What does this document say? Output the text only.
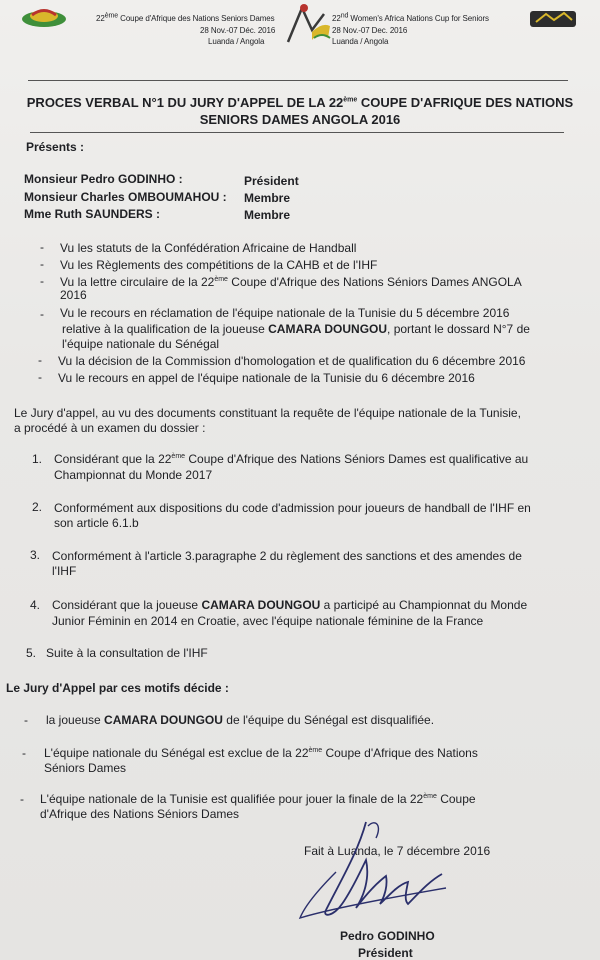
22ème Coupe d'Afrique des Nations Seniors Dames
28 Nov.-07 Déc. 2016
Luanda / Angola
22nd Women's Africa Nations Cup for Seniors
28 Nov.-07 Dec. 2016
Luanda / Angola
PROCES VERBAL N°1 DU JURY D'APPEL DE LA 22ème COUPE D'AFRIQUE DES NATIONS
SENIORS DAMES ANGOLA 2016
Présents :
Monsieur Pedro GODINHO :	Président
Monsieur Charles OMBOUMAHOU : Membre
Mme Ruth SAUNDERS :	Membre
- Vu les statuts de la Confédération Africaine de Handball
- Vu les Règlements des compétitions de la CAHB et de l'IHF
- Vu la lettre circulaire de la 22ème Coupe d'Afrique des Nations Séniors Dames ANGOLA
2016
- Vu le recours en réclamation de l'équipe nationale de la Tunisie du 5 décembre 2016
relative à la qualification de la joueuse CAMARA DOUNGOU, portant le dossard N°7 de
l'équipe nationale du Sénégal
- Vu la décision de la Commission d'homologation et de qualification du 6 décembre 2016
- Vu le recours en appel de l'équipe nationale de la Tunisie du 6 décembre 2016
Le Jury d'appel, au vu des documents constituant la requête de l'équipe nationale de la Tunisie,
a procédé à un examen du dossier :
1. Considérant que la 22ème Coupe d'Afrique des Nations Séniors Dames est qualificative au
Championnat du Monde 2017
2. Conformément aux dispositions du code d'admission pour joueurs de handball de l'IHF en
son article 6.1.b
3. Conformément à l'article 3.paragraphe 2 du règlement des sanctions et des amendes de
l'IHF
4. Considérant que la joueuse CAMARA DOUNGOU a participé au Championnat du Monde
Junior Féminin en 2014 en Croatie, avec l'équipe nationale féminine de la France
5. Suite à la consultation de l'IHF
Le Jury d'Appel par ces motifs décide :
- la joueuse CAMARA DOUNGOU de l'équipe du Sénégal est disqualifiée.
- L'équipe nationale du Sénégal est exclue de la 22ème Coupe d'Afrique des Nations
Séniors Dames
- L'équipe nationale de la Tunisie est qualifiée pour jouer la finale de la 22ème Coupe
d'Afrique des Nations Séniors Dames
Fait à Luanda, le 7 décembre 2016
Pedro GODINHO
Président
